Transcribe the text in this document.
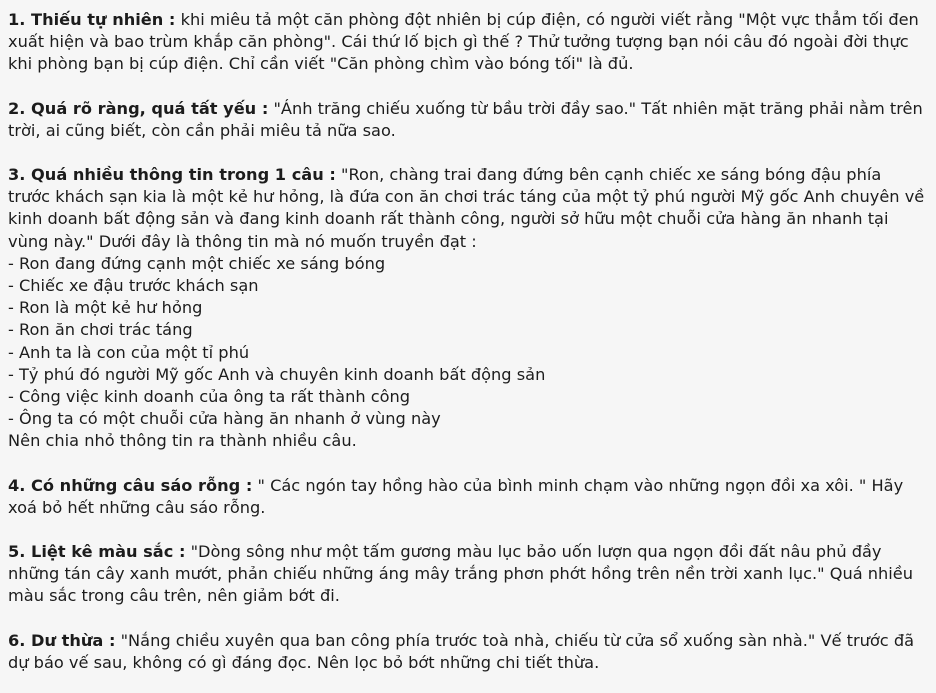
1. Thiếu tự nhiên : khi miêu tả một căn phòng đột nhiên bị cúp điện, có người viết rằng "Một vực thẳm tối đen xuất hiện và bao trùm khắp căn phòng". Cái thứ lố bịch gì thế ? Thử tưởng tượng bạn nói câu đó ngoài đời thực khi phòng bạn bị cúp điện. Chỉ cần viết "Căn phòng chìm vào bóng tối" là đủ.

2. Quá rõ ràng, quá tất yếu : "Ánh trăng chiếu xuống từ bầu trời đầy sao." Tất nhiên mặt trăng phải nằm trên trời, ai cũng biết, còn cần phải miêu tả nữa sao.

3. Quá nhiều thông tin trong 1 câu : "Ron, chàng trai đang đứng bên cạnh chiếc xe sáng bóng đậu phía trước khách sạn kia là một kẻ hư hỏng, là đứa con ăn chơi trác táng của một tỷ phú người Mỹ gốc Anh chuyên về kinh doanh bất động sản và đang kinh doanh rất thành công, người sở hữu một chuỗi cửa hàng ăn nhanh tại vùng này." Dưới đây là thông tin mà nó muốn truyền đạt :

- Ron đang đứng cạnh một chiếc xe sáng bóng
- Chiếc xe đậu trước khách sạn
- Ron là một kẻ hư hỏng
- Ron ăn chơi trác táng
- Anh ta là con của một tỉ phú
- Tỷ phú đó người Mỹ gốc Anh và chuyên kinh doanh bất động sản
- Công việc kinh doanh của ông ta rất thành công
- Ông ta có một chuỗi cửa hàng ăn nhanh ở vùng này

Nên chia nhỏ thông tin ra thành nhiều câu.

4. Có những câu sáo rỗng : " Các ngón tay hồng hào của bình minh chạm vào những ngọn đồi xa xôi. " Hãy xoá bỏ hết những câu sáo rỗng.

5. Liệt kê màu sắc : "Dòng sông như một tấm gương màu lục bảo uốn lượn qua ngọn đồi đất nâu phủ đầy những tán cây xanh mướt, phản chiếu những áng mây trắng phơn phớt hồng trên nền trời xanh lục." Quá nhiều màu sắc trong câu trên, nên giảm bớt đi.

6. Dư thừa : "Nắng chiều xuyên qua ban công phía trước toà nhà, chiếu từ cửa sổ xuống sàn nhà." Vế trước đã dự báo vế sau, không có gì đáng đọc. Nên lọc bỏ bớt những chi tiết thừa.
